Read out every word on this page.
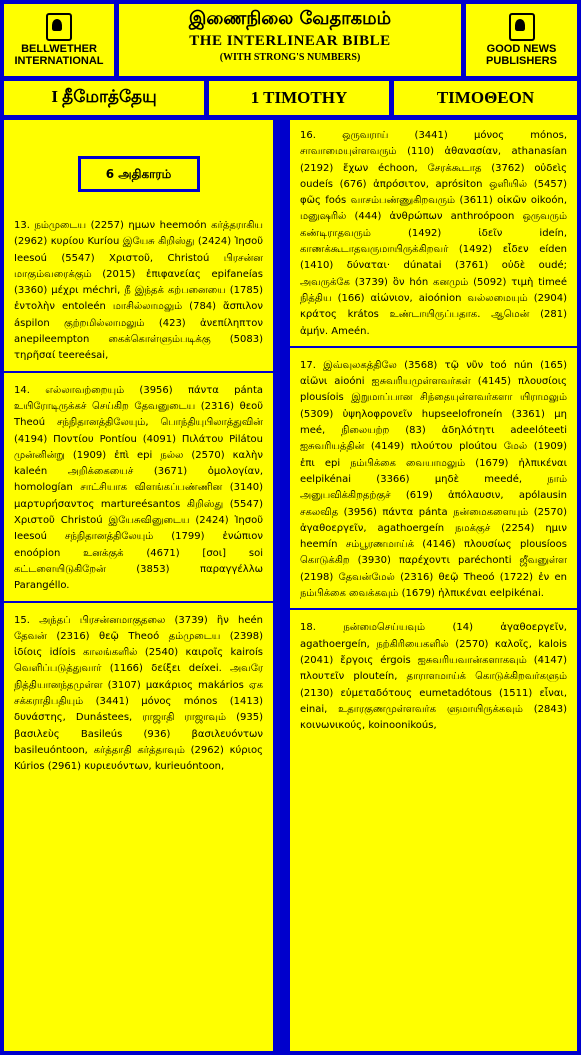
BELLWETHER
INTERNATIONAL
இணைநிலை வேதாகமம்
THE INTERLINEAR BIBLE
(WITH STRONG'S NUMBERS)
GOOD NEWS
PUBLISHERS
I தீமோத்தேயு	1 TIMOTHY	TIMOΘEON
6 அதிகாரம்

13. நம்முடைய (2257) ημων heemoón கர்த்தராகிய (2962) κυρίου Kuríou இயேசு கிறிஸ்து (2424) Ἰησοῦ Ieesoú (5547) Χριστοῦ, Christoú பிரசன்ன மாகும்வரைக்கும் (2015) ἐπιφανείας epifaneías (3360) μέχρι méchri, நீ இந்தக் கற்பனையை (1785) ἐντολὴν entoleén மாசில்லாமலும் (784) ἄσπιλον áspilon குற்றமில்லாமலும் (423) ἀνεπίληπτον anepileempton கைக்கொள்ளும்படிக்கு (5083) τηρῆσαί teereésai,

14. எல்லாவற்றையும் (3956) πάντα pánta உயிரோடிருக்கச் செய்கிற தேவனுடைய (2316) θεοῦ Theoú சந்நிதானத்திலேயும், பொந்தியுபிலாத்துவின் (4194) Ποντίου Pontíou (4091) Πιλάτου Pilátou முன்னின்று (1909) ἐπὶ epi நல்ல (2570) καλὴν kaleén அறிக்கையைச் (3671) ὁμολογίαν, homologían சாட்சியாக விளங்கப்பண்ணின (3140) μαρτυρήσαντος martureésantos கிறிஸ்து (5547) Χριστοῦ Christoú இயேசுவினுடைய (2424) Ἰησοῦ Ieesoú சந்நிதானத்திலேயும் (1799) ἐνώπιον enoópion உனக்குக் (4671) [σοι] soi கட்டளையிடுகிறேன் (3853) παραγγέλλω Parangéllo.

15. அந்தப் பிரசன்னமாகுதலை (3739) ἣν heén தேவன் (2316) θεῷ Theoó தம்முடைய (2398) ἰδίοις idíois காலங்களில் (2540) καιροῖς kairoís வெளிப்படுத்துவார் (1166) δείξει deíxei. அவரே நித்தியானந்தமுள்ள (3107) μακάριος makários ஏக சக்கராதிபதியும் (3441) μόνος mónos (1413) δυνάστης, Dunástees, ராஜாதி ராஜாவும் (935) βασιλεὺς Basileús (936) βασιλευόντων basileuóntoon, கர்த்தாதி கர்த்தாவும் (2962) κύριος Kúrios (2961) κυριευόντων, kurieuóntoon,

16. ஒருவராய் (3441) μόνος mónos, சாவாமையுள்ளவரும் (110) ἀθανασίαν, athanasían (2192) ἔχων échoon, சேரக்கூடாத (3762) οὐδεὶς oudeís (676) ἀπρόσιτον, aprósiton ஒளியில் (5457) φῶς foós வாசம்பண்ணுகிறவரும் (3611) οἰκῶν oikoón, மனுஷரில் (444) ἀνθρώπων anthroópoon ஒருவரும் கண்டிராதவரும் (1492) ἰδεῖν ideín, காணக்கூடாதவருமாயிருக்கிறவர் (1492) εἶδεν eíden (1410) δύναται· dúnatai (3761) οὐδὲ oudé; அவருக்கே (3739) ὃν hón கனமும் (5092) τιμὴ timeé நித்திய (166) αἰώνιον, aioónion வல்லமையும் (2904) κράτος krátos உண்டாயிருப்பதாக. ஆமென் (281) ἀμήν. Ameén.

17. இவ்வுலகத்திலே (3568) τῷ νῦν toó nún (165) αἰῶνι aioóni ஐசுவரியமுள்ளவர்கள் (4145) πλουσίοις plousíois இறுமாப்பான சிந்தையுள்ளவர்களா யிராமலும் (5309) ὑψηλοφρονεῖν hupseelofroneín (3361) μη meé, நிலையற்ற (83) ἀδηλότητι adeelóteeti ஐசுவரியத்தின் (4149) πλούτου ploútou மேல் (1909) ἐπι epi நம்பிக்கை வையாமலும் (1679) ἠλπικέναι eelpikénai (3366) μηδὲ meedé, நாம் அனுபவிக்கிறதற்குச் (619) ἀπόλαυσιν, apólausin சகலவித (3956) πάντα pánta நன்மைகளையும் (2570) ἀγαθοεργεῖν, agathoergeín நமக்குச் (2254) ημιν heemín சம்பூரணமாய்க் (4146) πλουσίως plousíoos கொடுக்கிற (3930) παρέχοντι paréchonti ஜீவனுள்ள (2198) தேவன்மேல் (2316) θεῷ Theoó (1722) ἐν en நம்பிக்கை வைக்கவும் (1679) ἠλπικέναι eelpikénai.

18. நன்மைசெய்யவும் (14) ἀγαθοεργεῖν, agathoergeín, நற்கிரியைகளில் (2570) καλοῖς, kalois (2041) ἔργοις érgois ஐசுவரியவான்களாகவும் (4147) πλουτεῖν plouteín, தாராளமாய்க் கொடுக்கிறவர்களும் (2130) εὐμεταδότους eumetadótous (1511) εἶναι, einai, உதாரகுணமுள்ளவர்க ளுமாயிருக்கவும் (2843) κοινωνικούς, koinoonikoús,
